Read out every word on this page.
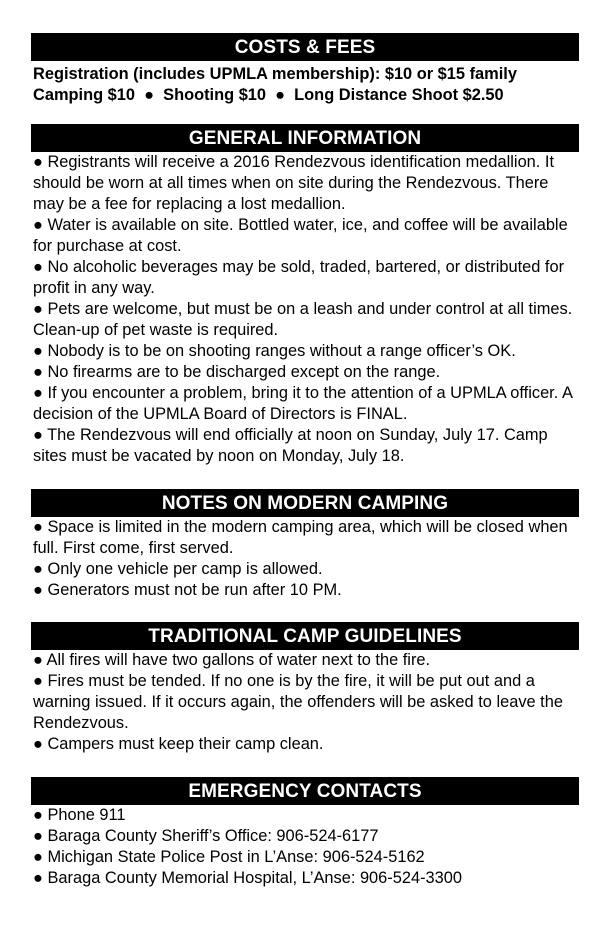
COSTS & FEES
Registration (includes UPMLA membership): $10 or $15 family
Camping $10  ●  Shooting $10  ●  Long Distance Shoot $2.50
GENERAL INFORMATION
● Registrants will receive a 2016 Rendezvous identification medallion. It should be worn at all times when on site during the Rendezvous. There may be a fee for replacing a lost medallion.
● Water is available on site. Bottled water, ice, and coffee will be available for purchase at cost.
● No alcoholic beverages may be sold, traded, bartered, or distributed for profit in any way.
● Pets are welcome, but must be on a leash and under control at all times. Clean-up of pet waste is required.
● Nobody is to be on shooting ranges without a range officer’s OK.
● No firearms are to be discharged except on the range.
● If you encounter a problem, bring it to the attention of a UPMLA officer. A decision of the UPMLA Board of Directors is FINAL.
● The Rendezvous will end officially at noon on Sunday, July 17. Camp sites must be vacated by noon on Monday, July 18.
NOTES ON MODERN CAMPING
● Space is limited in the modern camping area, which will be closed when full. First come, first served.
● Only one vehicle per camp is allowed.
● Generators must not be run after 10 PM.
TRADITIONAL CAMP GUIDELINES
● All fires will have two gallons of water next to the fire.
● Fires must be tended. If no one is by the fire, it will be put out and a warning issued. If it occurs again, the offenders will be asked to leave the Rendezvous.
● Campers must keep their camp clean.
EMERGENCY CONTACTS
● Phone 911
● Baraga County Sheriff’s Office: 906-524-6177
● Michigan State Police Post in L’Anse: 906-524-5162
● Baraga County Memorial Hospital, L’Anse: 906-524-3300
